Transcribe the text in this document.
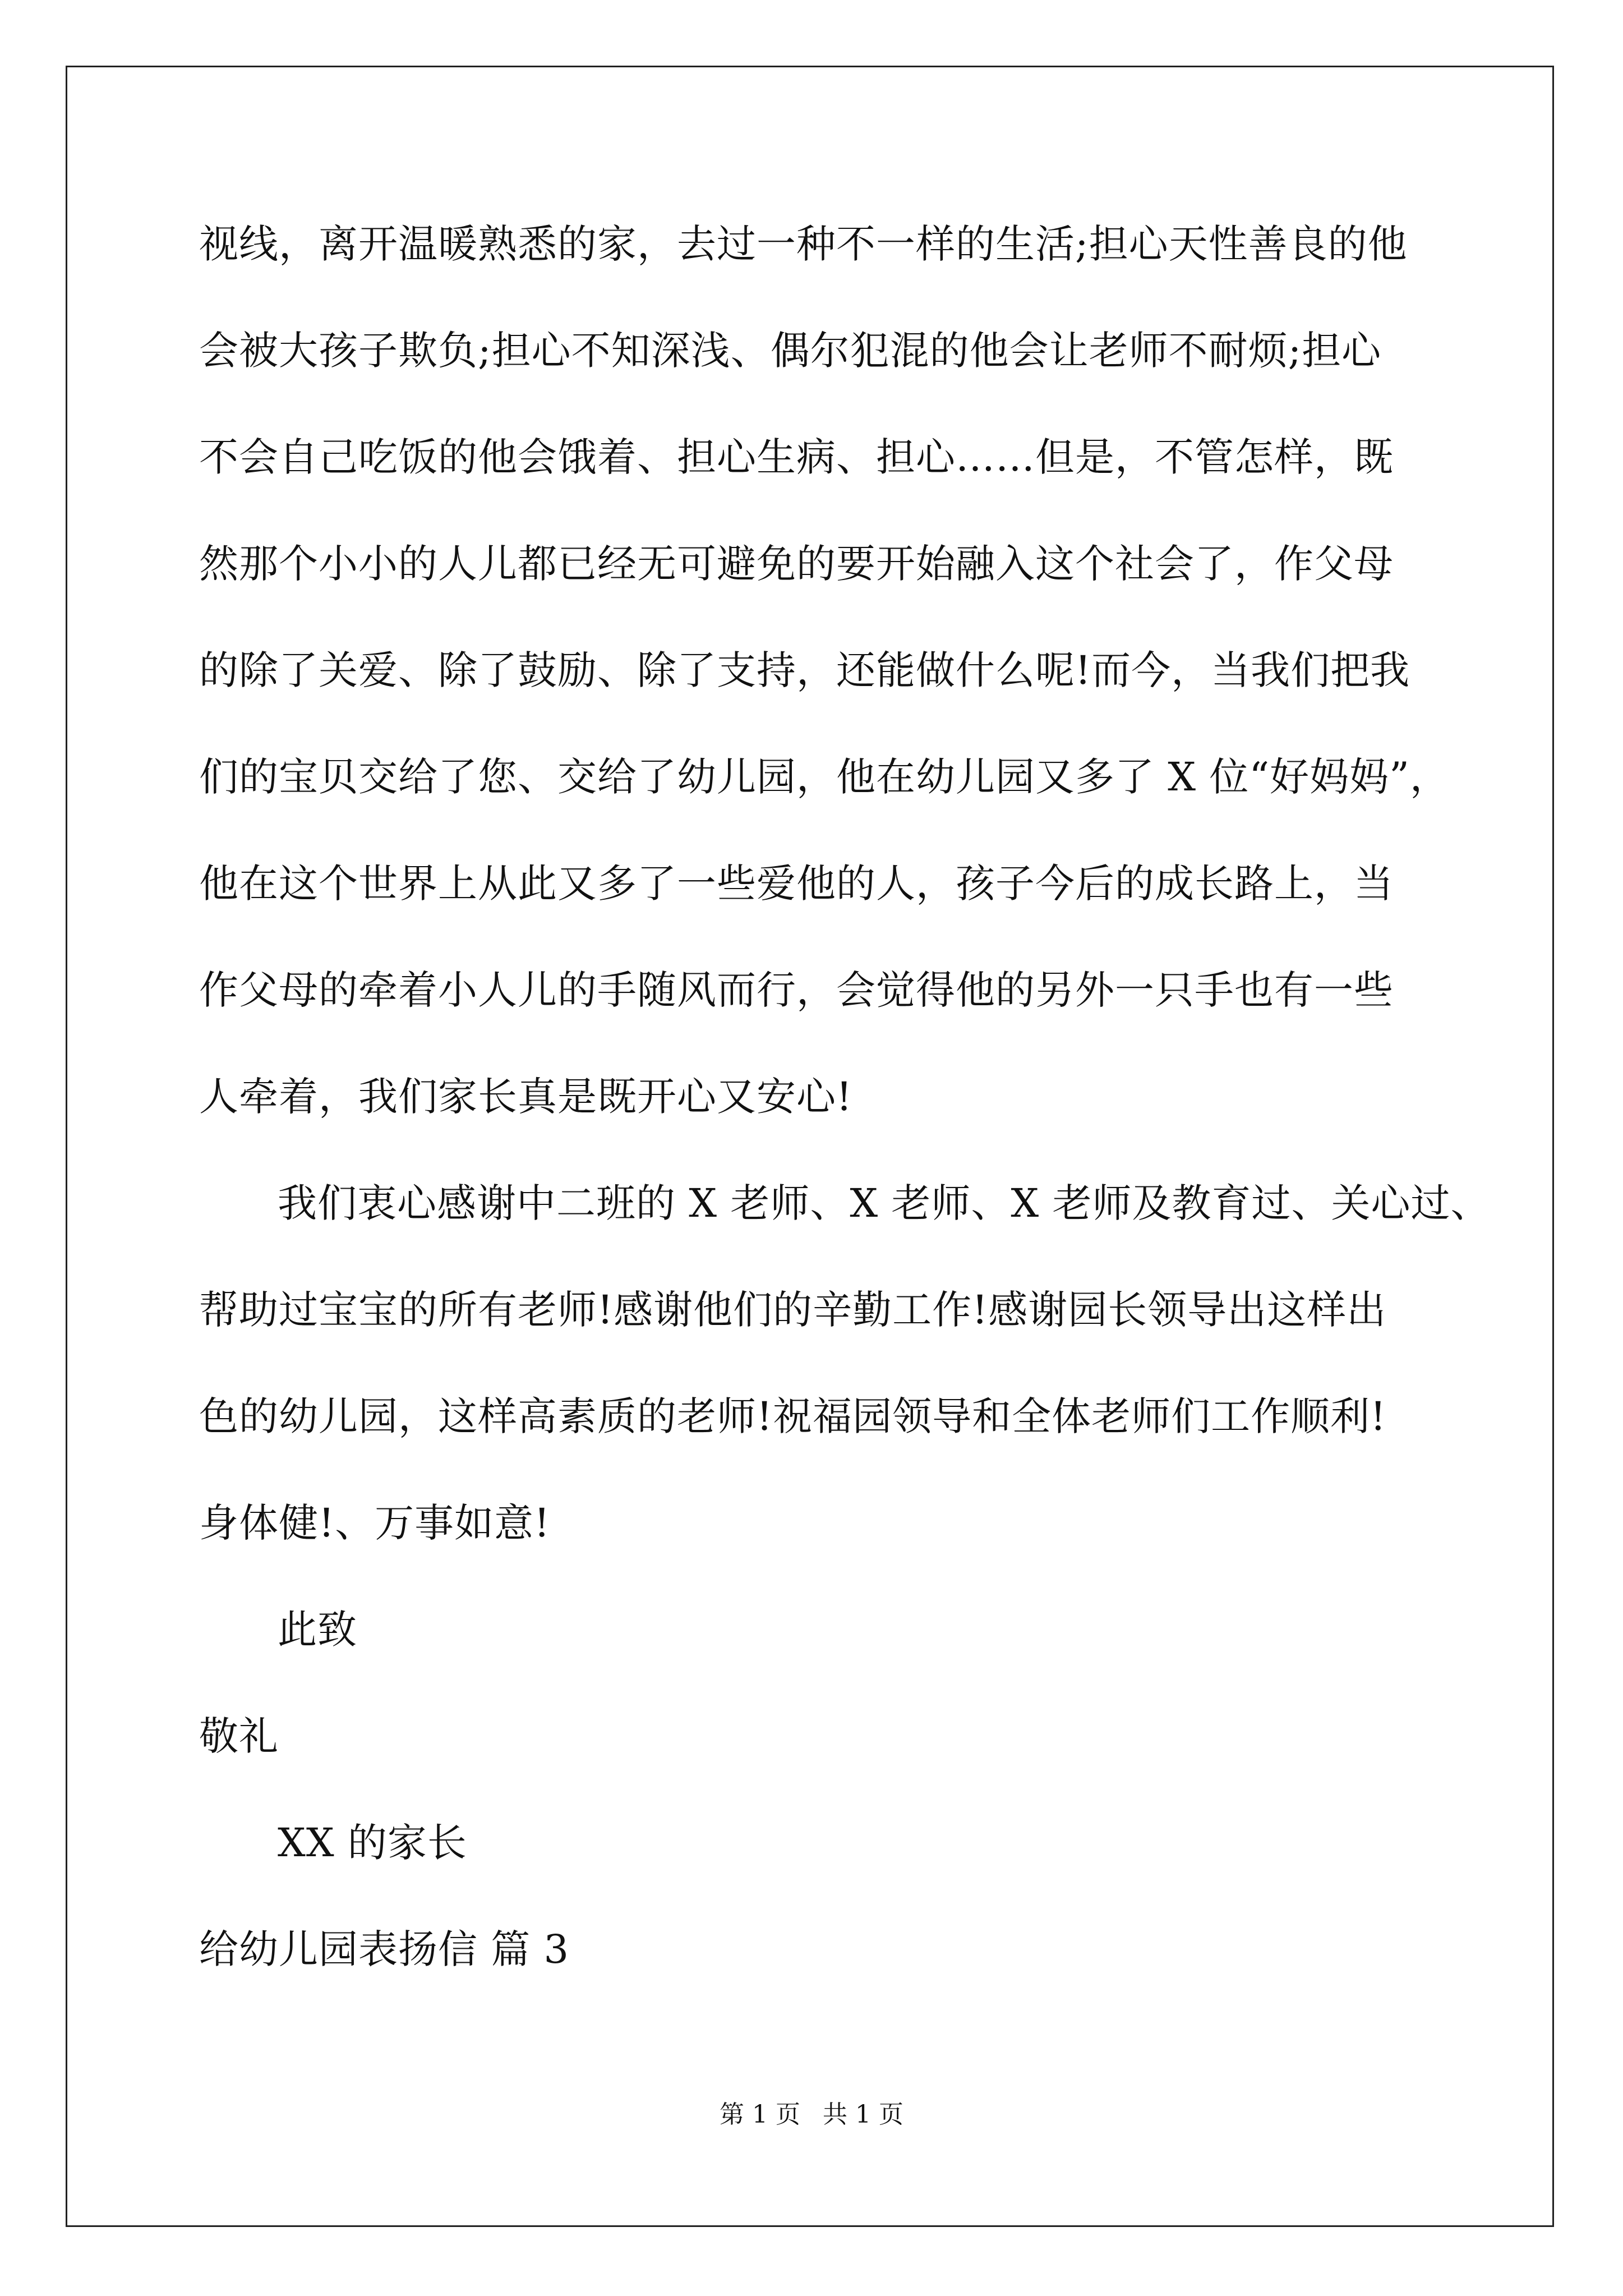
视线，离开温暖熟悉的家，去过一种不一样的生活;担心天性善良的他
会被大孩子欺负;担心不知深浅、偶尔犯混的他会让老师不耐烦;担心
不会自己吃饭的他会饿着、担心生病、担心……但是，不管怎样，既
然那个小小的人儿都已经无可避免的要开始融入这个社会了，作父母
的除了关爱、除了鼓励、除了支持，还能做什么呢!而今，当我们把我
们的宝贝交给了您、交给了幼儿园，他在幼儿园又多了 X 位“好妈妈”，
他在这个世界上从此又多了一些爱他的人，孩子今后的成长路上，当
作父母的牵着小人儿的手随风而行，会觉得他的另外一只手也有一些
人牵着，我们家长真是既开心又安心!
我们衷心感谢中二班的 X 老师、X 老师、X 老师及教育过、关心过、
帮助过宝宝的所有老师!感谢他们的辛勤工作!感谢园长领导出这样出
色的幼儿园，这样高素质的老师!祝福园领导和全体老师们工作顺利!
身体健!、万事如意!
此致
敬礼
XX 的家长
给幼儿园表扬信 篇 3
第 1 页 共 1 页
